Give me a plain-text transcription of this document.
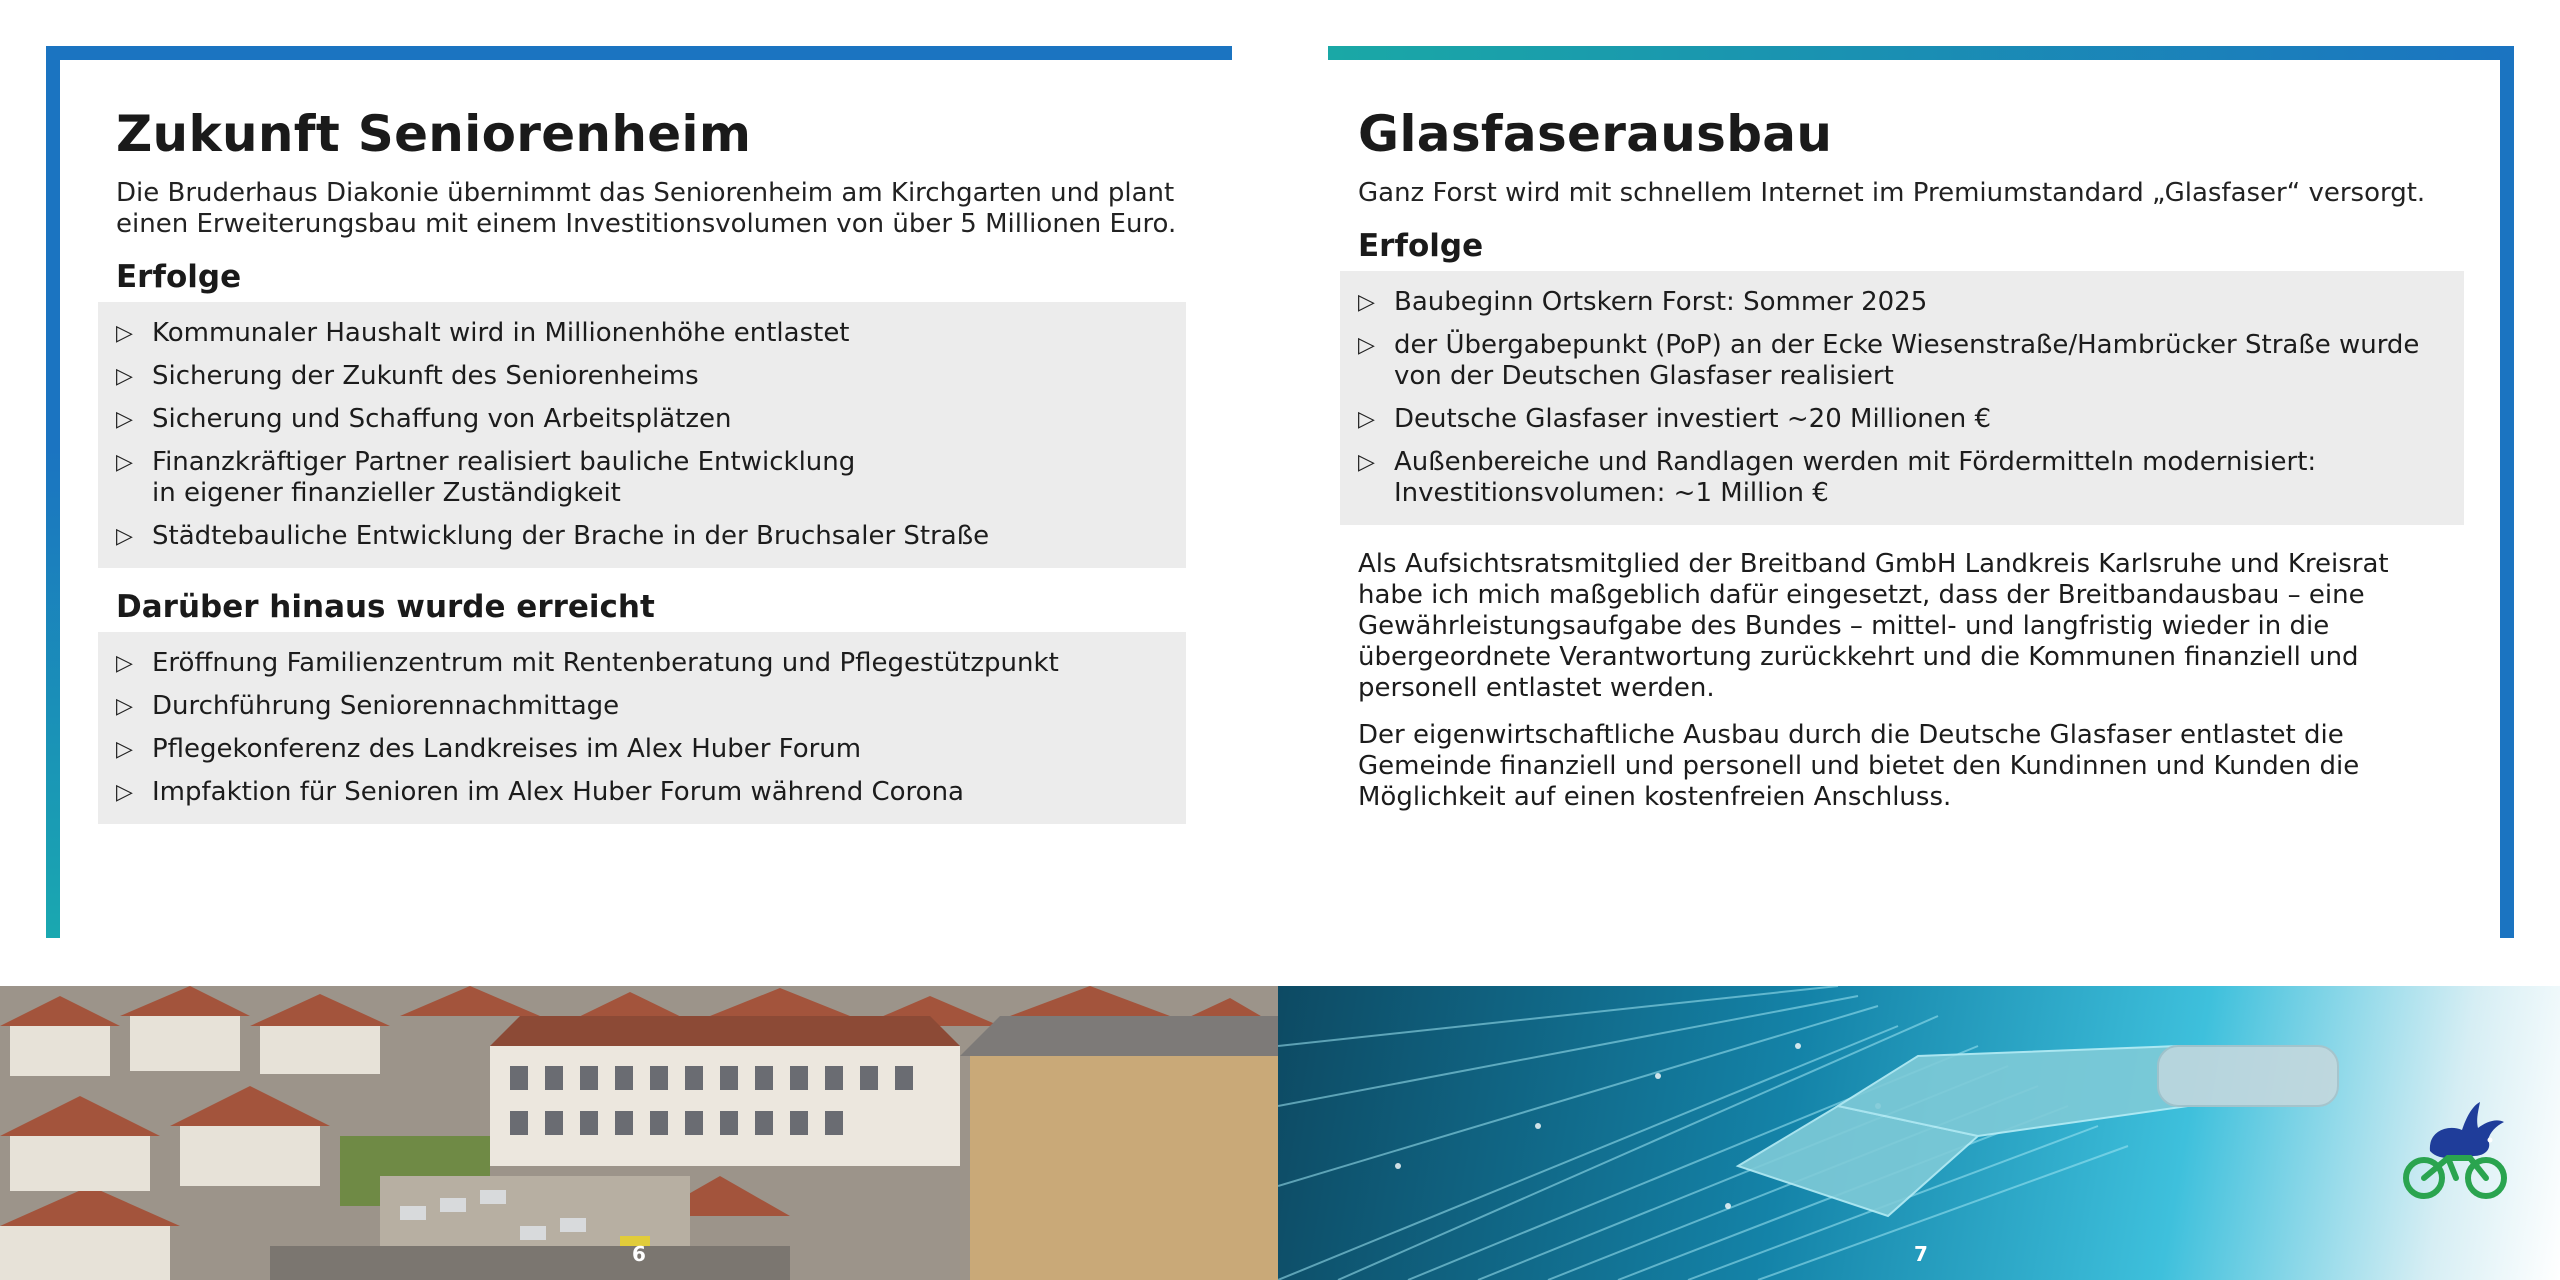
Zukunft Seniorenheim

Die Bruderhaus Diakonie übernimmt das Seniorenheim am Kirchgarten und plant einen Erweiterungsbau mit einem Investitionsvolumen von über 5 Millionen Euro.

Erfolge
▷ Kommunaler Haushalt wird in Millionenhöhe entlastet
▷ Sicherung der Zukunft des Seniorenheims
▷ Sicherung und Schaffung von Arbeitsplätzen
▷ Finanzkräftiger Partner realisiert bauliche Entwicklung
in eigener finanzieller Zuständigkeit
▷ Städtebauliche Entwicklung der Brache in der Bruchsaler Straße
Darüber hinaus wurde erreicht
▷ Eröffnung Familienzentrum mit Rentenberatung und Pflegestützpunkt
▷ Durchführung Seniorennachmittage
▷ Pflegekonferenz des Landkreises im Alex Huber Forum
▷ Impfaktion für Senioren im Alex Huber Forum während Corona
Glasfaserausbau

Ganz Forst wird mit schnellem Internet im Premiumstandard „Glasfaser“ versorgt.

Erfolge
▷ Baubeginn Ortskern Forst: Sommer 2025
▷ der Übergabepunkt (PoP) an der Ecke Wiesenstraße/Hambrücker Straße wurde
von der Deutschen Glasfaser realisiert
▷ Deutsche Glasfaser investiert ~20 Millionen €
▷ Außenbereiche und Randlagen werden mit Fördermitteln modernisiert:
Investitionsvolumen: ~1 Million €

Als Aufsichtsratsmitglied der Breitband GmbH Landkreis Karlsruhe und Kreisrat habe ich mich maßgeblich dafür eingesetzt, dass der Breitbandausbau – eine Gewährleistungsaufgabe des Bundes – mittel- und langfristig wieder in die übergeordnete Verantwortung zurückkehrt und die Kommunen finanziell und personell entlastet werden.

Der eigenwirtschaftliche Ausbau durch die Deutsche Glasfaser entlastet die Gemeinde finanziell und personell und bietet den Kundinnen und Kunden die Möglichkeit auf einen kostenfreien Anschluss.

6	7
